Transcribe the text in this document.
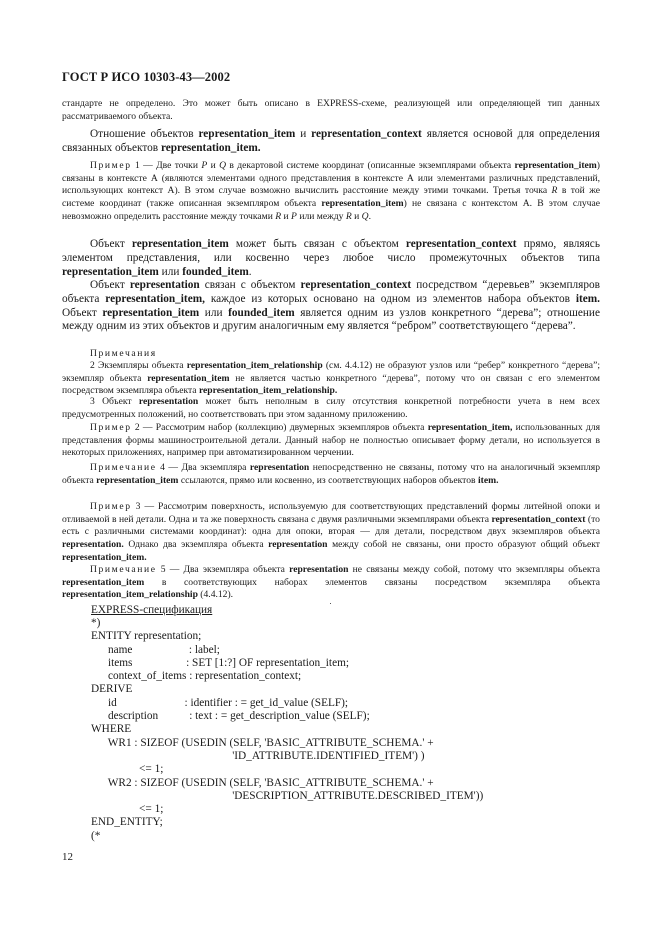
ГОСТ Р ИСО 10303-43—2002

стандарте не определено. Это может быть описано в EXPRESS-схеме, реализующей или определяющей тип данных рассматриваемого объекта.

Отношение объектов representation_item и representation_context является основой для определения связанных объектов representation_item.

Пример 1 — Две точки P и Q в декартовой системе координат (описанные экземплярами объекта representation_item) связаны в контексте А (являются элементами одного представления в контексте А или элементами различных представлений, использующих контекст А). В этом случае возможно вычислить расстояние между этими точками. Третья точка R в той же системе координат (также описанная экземпляром объекта representation_item) не связана с контекстом А. В этом случае невозможно определить расстояние между точками R и P или между R и Q.

Объект representation_item может быть связан с объектом representation_context прямо, являясь элементом представления, или косвенно через любое число промежуточных объектов типа representation_item или founded_item.

Объект representation связан с объектом representation_context посредством “деревьев” экземпляров объекта representation_item, каждое из которых основано на одном из элементов набора объектов item. Объект representation_item или founded_item является одним из узлов конкретного “дерева”; отношение между одним из этих объектов и другим аналогичным ему является “ребром” соответствующего “дерева”.

Примечания

2 Экземпляры объекта representation_item_relationship (см. 4.4.12) не образуют узлов или “ребер” конкретного “дерева”; экземпляр объекта representation_item не является частью конкретного “дерева”, потому что он связан с его элементом посредством экземпляра объекта representation_item_relationship.

3 Объект representation может быть неполным в силу отсутствия конкретной потребности учета в нем всех предусмотренных положений, но соответствовать при этом заданному приложению.

Пример 2 — Рассмотрим набор (коллекцию) двумерных экземпляров объекта representation_item, использованных для представления формы машиностроительной детали. Данный набор не полностью описывает форму детали, но используется в некоторых приложениях, например при автоматизированном черчении.

Примечание 4 — Два экземпляра representation непосредственно не связаны, потому что на аналогичный экземпляр объекта representation_item ссылаются, прямо или косвенно, из соответствующих наборов объектов item.

Пример 3 — Рассмотрим поверхность, используемую для соответствующих представлений формы литейной опоки и отливаемой в ней детали. Одна и та же поверхность связана с двумя различными экземплярами объекта representation_context (то есть с различными системами координат): одна для опоки, вторая — для детали, посредством двух экземпляров объекта representation. Однако два экземпляра объекта representation между собой не связаны, они просто образуют общий объект representation_item.

Примечание 5 — Два экземпляра объекта representation не связаны между собой, потому что экземпляры объекта representation_item в соответствующих наборах элементов связаны посредством экземпляра объекта representation_item_relationship (4.4.12).

EXPRESS-спецификация
*)
ENTITY representation;
name                    : label;
items                   : SET [1:?] OF representation_item;
context_of_items : representation_context;
DERIVE
id                        : identifier : = get_id_value (SELF);
description           : text : = get_description_value (SELF);
WHERE
WR1 : SIZEOF (USEDIN (SELF, 'BASIC_ATTRIBUTE_SCHEMA.' +
'ID_ATTRIBUTE.IDENTIFIED_ITEM') )
<= 1;
WR2 : SIZEOF (USEDIN (SELF, 'BASIC_ATTRIBUTE_SCHEMA.' +
'DESCRIPTION_ATTRIBUTE.DESCRIBED_ITEM'))
<= 1;
END_ENTITY;
(*
12
